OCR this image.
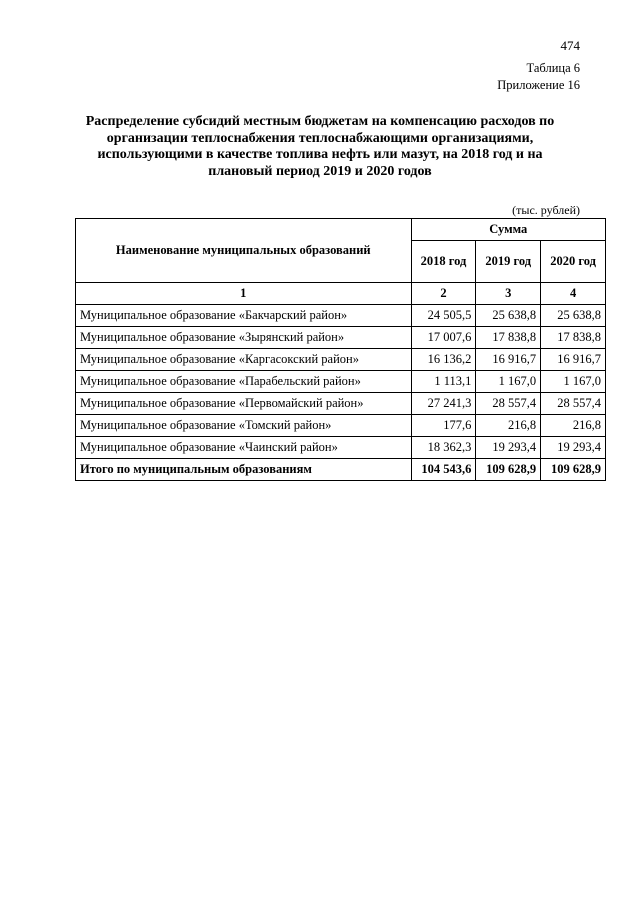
474
Таблица 6
Приложение 16
Распределение субсидий местным бюджетам на компенсацию расходов по
организации теплоснабжения теплоснабжающими организациями,
использующими в качестве топлива нефть или мазут, на 2018 год и на
плановый период 2019 и 2020 годов
(тыс. рублей)
Наименование муниципальных образований	Сумма		
	2018 год	2019 год	2020 год
1	2	3	4
Муниципальное образование «Бакчарский район»	24 505,5	25 638,8	25 638,8
Муниципальное образование «Зырянский район»	17 007,6	17 838,8	17 838,8
Муниципальное образование «Каргасокский район»	16 136,2	16 916,7	16 916,7
Муниципальное образование «Парабельский район»	1 113,1	1 167,0	1 167,0
Муниципальное образование «Первомайский район»	27 241,3	28 557,4	28 557,4
Муниципальное образование «Томский район»	177,6	216,8	216,8
Муниципальное образование «Чаинский район»	18 362,3	19 293,4	19 293,4
Итого по муниципальным образованиям	104 543,6	109 628,9	109 628,9
